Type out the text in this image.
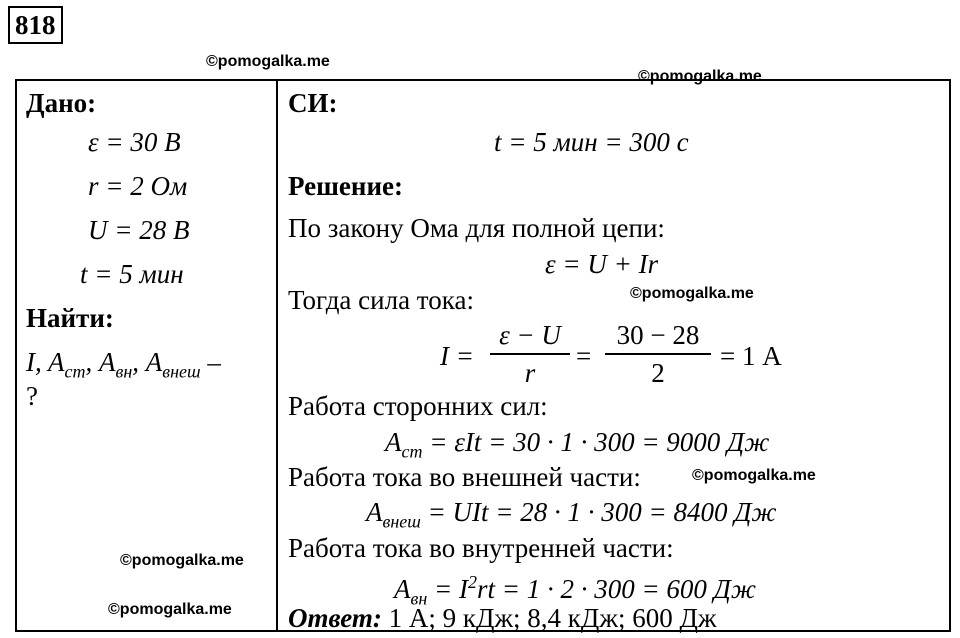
818
©pomogalka.me
©pomogalka.me
©pomogalka.me
©pomogalka.me
©pomogalka.me
©pomogalka.me
Дано:
ε = 30 В
r = 2 Ом
U = 28 В
t = 5 мин
Найти:
I, $A_{ст}$, $A_{вн}$, $A_{внеш}$ –
?
СИ:
t = 5 мин = 300 с
Решение:
По закону Ома для полной цепи:
ε = U + Ir
Тогда сила тока:
I =
ε − U
r
=
30 − 28
2
= 1 А
Работа сторонних сил:
$A_{ст} = \varepsilon It = 30 \cdot 1 \cdot 300 = 9000$ Дж
Работа тока во внешней части:
$A_{внеш}$ = UIt = 28 · 1 · 300 = 8400 Дж
Работа тока во внутренней части:
$A_{вн} = I^2rt = 1 \cdot 2 \cdot 300 = 600$ Дж
Ответ: 1 А; 9 кДж; 8,4 кДж; 600 Дж
